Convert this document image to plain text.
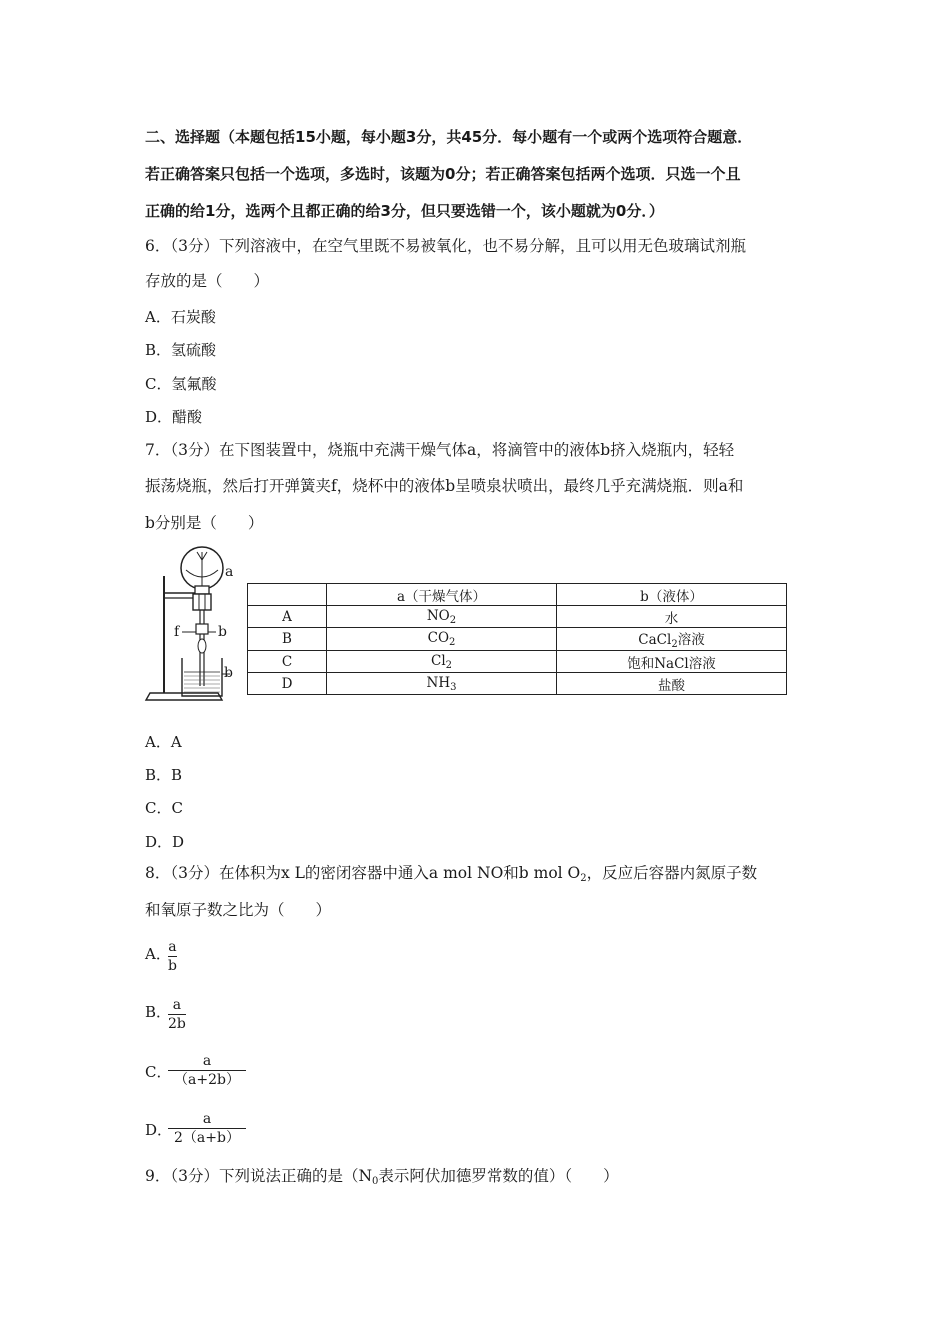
二、选择题（本题包括15小题，每小题3分，共45分．每小题有一个或两个选项符合题意．
若正确答案只包括一个选项，多选时，该题为0分；若正确答案包括两个选项．只选一个且
正确的给1分，选两个且都正确的给3分，但只要选错一个，该小题就为0分．）
6．（3分）下列溶液中，在空气里既不易被氧化，也不易分解，且可以用无色玻璃试剂瓶
存放的是（　　）
A．石炭酸
B．氢硫酸
C．氢氟酸
D．醋酸
7．（3分）在下图装置中，烧瓶中充满干燥气体a，将滴管中的液体b挤入烧瓶内，轻轻
振荡烧瓶，然后打开弹簧夹f，烧杯中的液体b呈喷泉状喷出，最终几乎充满烧瓶．则a和
b分别是（　　）
a
f	b
b
	a（干燥气体）	b（液体）
A	$NO_2$	水
B	$CO_2$	CaCl$_2$溶液
C	$Cl_2$	饱和NaCl溶液
D	$NH_3$	盐酸
A．A
B．B
C．C
D．D
8．（3分）在体积为x L的密闭容器中通入a mol NO和b mol $O_2$，反应后容器内氮原子数
和氧原子数之比为（　　）
A．
a
b
B． a
2b
C．
a
（a+2b）
D．
a
2（a+b）
9．（3分）下列说法正确的是（$N_0$表示阿伏加德罗常数的值）（　　）
